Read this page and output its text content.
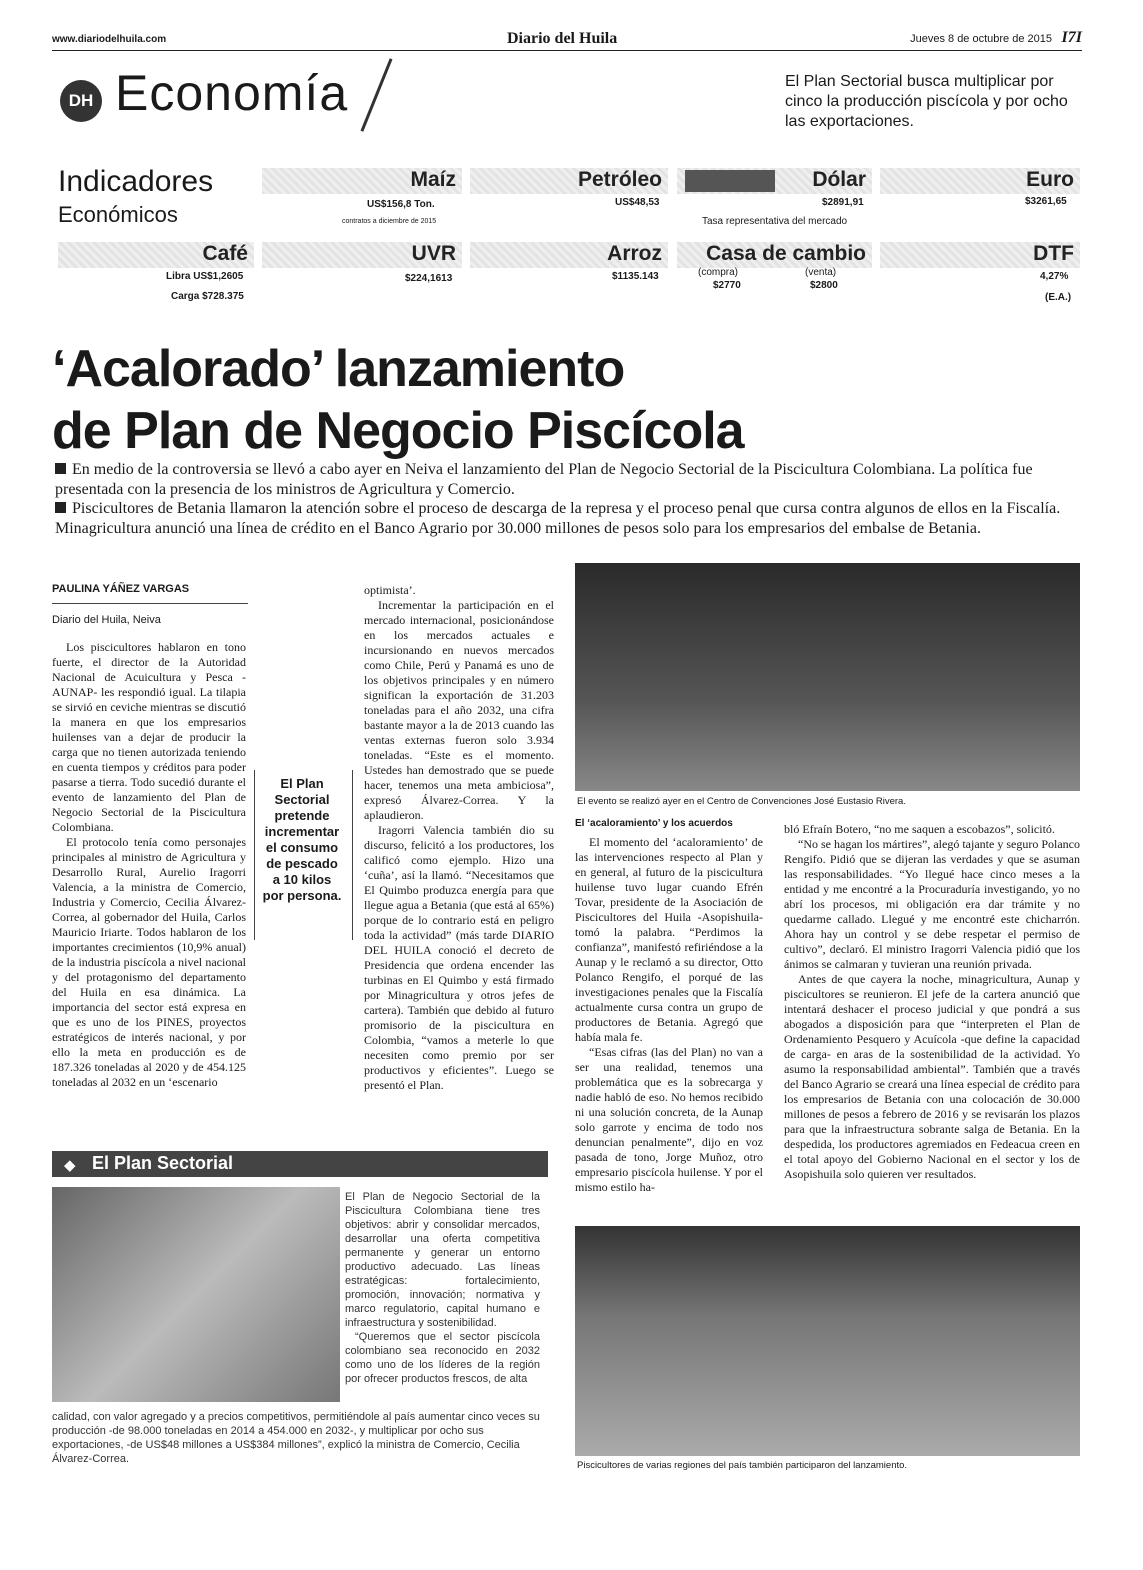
www.diariodelhuila.com	Diario del Huila	Jueves 8 de octubre de 2015 I7I
DH Economía	El Plan Sectorial busca multiplicar por cinco la producción piscícola y por ocho las exportaciones.
Indicadores
Económicos
Maíz
US$156,8 Ton.
contratos a diciembre de 2015
Petróleo
US$48,53
Dólar
$2891,91
Tasa representativa del mercado
Euro
$3261,65
Café
Libra US$1,2605
Carga $728.375
UVR
$224,1613
Arroz
$1135.143
Casa de cambio
(compra)
$2770
(venta)
$2800
DTF
4,27%
(E.A.)
‘Acalorado’ lanzamiento
de Plan de Negocio Piscícola

En medio de la controversia se llevó a cabo ayer en Neiva el lanzamiento del Plan de Negocio Sectorial de la Piscicultura Colombiana. La política fue presentada con la presencia de los ministros de Agricultura y Comercio.

Piscicultores de Betania llamaron la atención sobre el proceso de descarga de la represa y el proceso penal que cursa contra algunos de ellos en la Fiscalía. Minagricultura anunció una línea de crédito en el Banco Agrario por 30.000 millones de pesos solo para los empresarios del embalse de Betania.

PAULINA YÁÑEZ VARGAS
Diario del Huila, Neiva

Los piscicultores hablaron en tono fuerte, el director de la Autoridad Nacional de Acuicultura y Pesca -AUNAP- les respondió igual. La tilapia se sirvió en ceviche mientras se discutió la manera en que los empresarios huilenses van a dejar de producir la carga que no tienen autorizada teniendo en cuenta tiempos y créditos para poder pasarse a tierra. Todo sucedió durante el evento de lanzamiento del Plan de Negocio Sectorial de la Piscicultura Colombiana.

El protocolo tenía como personajes principales al ministro de Agricultura y Desarrollo Rural, Aurelio Iragorri Valencia, a la ministra de Comercio, Industria y Comercio, Cecilia Álvarez-Correa, al gobernador del Huila, Carlos Mauricio Iriarte. Todos hablaron de los importantes crecimientos (10,9% anual) de la industria piscícola a nivel nacional y del protagonismo del departamento del Huila en esa dinámica. La importancia del sector está expresa en que es uno de los PINES, proyectos estratégicos de interés nacional, y por ello la meta en producción es de 187.326 toneladas al 2020 y de 454.125 toneladas al 2032 en un ‘escenario

El Plan Sectorial pretende incrementar el consumo de pescado a 10 kilos por persona.

optimista’.

Incrementar la participación en el mercado internacional, posicionándose en los mercados actuales e incursionando en nuevos mercados como Chile, Perú y Panamá es uno de los objetivos principales y en número significan la exportación de 31.203 toneladas para el año 2032, una cifra bastante mayor a la de 2013 cuando las ventas externas fueron solo 3.934 toneladas. “Este es el momento. Ustedes han demostrado que se puede hacer, tenemos una meta ambiciosa”, expresó Álvarez-Correa. Y la aplaudieron.

Iragorri Valencia también dio su discurso, felicitó a los productores, los calificó como ejemplo. Hizo una ‘cuña’, así la llamó. “Necesitamos que El Quimbo produzca energía para que llegue agua a Betania (que está al 65%) porque de lo contrario está en peligro toda la actividad” (más tarde DIARIO DEL HUILA conoció el decreto de Presidencia que ordena encender las turbinas en El Quimbo y está firmado por Minagricultura y otros jefes de cartera). También que debido al futuro promisorio de la piscicultura en Colombia, “vamos a meterle lo que necesiten como premio por ser productivos y eficientes”. Luego se presentó el Plan.

El evento se realizó ayer en el Centro de Convenciones José Eustasio Rivera.
El ‘acaloramiento’ y los acuerdos

El momento del ‘acaloramiento’ de las intervenciones respecto al Plan y en general, al futuro de la piscicultura huilense tuvo lugar cuando Efrén Tovar, presidente de la Asociación de Piscicultores del Huila -Asopishuila- tomó la palabra. “Perdimos la confianza”, manifestó refiriéndose a la Aunap y le reclamó a su director, Otto Polanco Rengifo, el porqué de las investigaciones penales que la Fiscalía actualmente cursa contra un grupo de productores de Betania. Agregó que había mala fe.

“Esas cifras (las del Plan) no van a ser una realidad, tenemos una problemática que es la sobrecarga y nadie habló de eso. No hemos recibido ni una solución concreta, de la Aunap solo garrote y encima de todo nos denuncian penalmente”, dijo en voz pasada de tono, Jorge Muñoz, otro empresario piscícola huilense. Y por el mismo estilo ha-

bló Efraín Botero, “no me saquen a escobazos”, solicitó.

“No se hagan los mártires”, alegó tajante y seguro Polanco Rengifo. Pidió que se dijeran las verdades y que se asuman las responsabilidades. “Yo llegué hace cinco meses a la entidad y me encontré a la Procuraduría investigando, yo no abrí los procesos, mi obligación era dar trámite y no quedarme callado. Llegué y me encontré este chicharrón. Ahora hay un control y se debe respetar el permiso de cultivo”, declaró. El ministro Iragorri Valencia pidió que los ánimos se calmaran y tuvieran una reunión privada.

Antes de que cayera la noche, minagricultura, Aunap y piscicultores se reunieron. El jefe de la cartera anunció que intentará deshacer el proceso judicial y que pondrá a sus abogados a disposición para que “interpreten el Plan de Ordenamiento Pesquero y Acuícola -que define la capacidad de carga- en aras de la sostenibilidad de la actividad. Yo asumo la responsabilidad ambiental”. También que a través del Banco Agrario se creará una línea especial de crédito para los empresarios de Betania con una colocación de 30.000 millones de pesos a febrero de 2016 y se revisarán los plazos para que la infraestructura sobrante salga de Betania. En la despedida, los productores agremiados en Fedeacua creen en el total apoyo del Gobierno Nacional en el sector y los de Asopishuila solo quieren ver resultados.

◆ El Plan Sectorial
El Plan de Negocio Sectorial de la Piscicultura Colombiana tiene tres objetivos: abrir y consolidar mercados, desarrollar una oferta competitiva permanente y generar un entorno productivo adecuado. Las líneas estratégicas: fortalecimiento, promoción, innovación; normativa y marco regulatorio, capital humano e infraestructura y sostenibilidad.
“Queremos que el sector piscícola colombiano sea reconocido en 2032 como uno de los líderes de la región por ofrecer productos frescos, de alta
calidad, con valor agregado y a precios competitivos, permitiéndole al país aumentar cinco veces su producción -de 98.000 toneladas en 2014 a 454.000 en 2032-, y multiplicar por ocho sus exportaciones, -de US$48 millones a US$384 millones”, explicó la ministra de Comercio, Cecilia Álvarez-Correa.
Piscicultores de varias regiones del país también participaron del lanzamiento.
